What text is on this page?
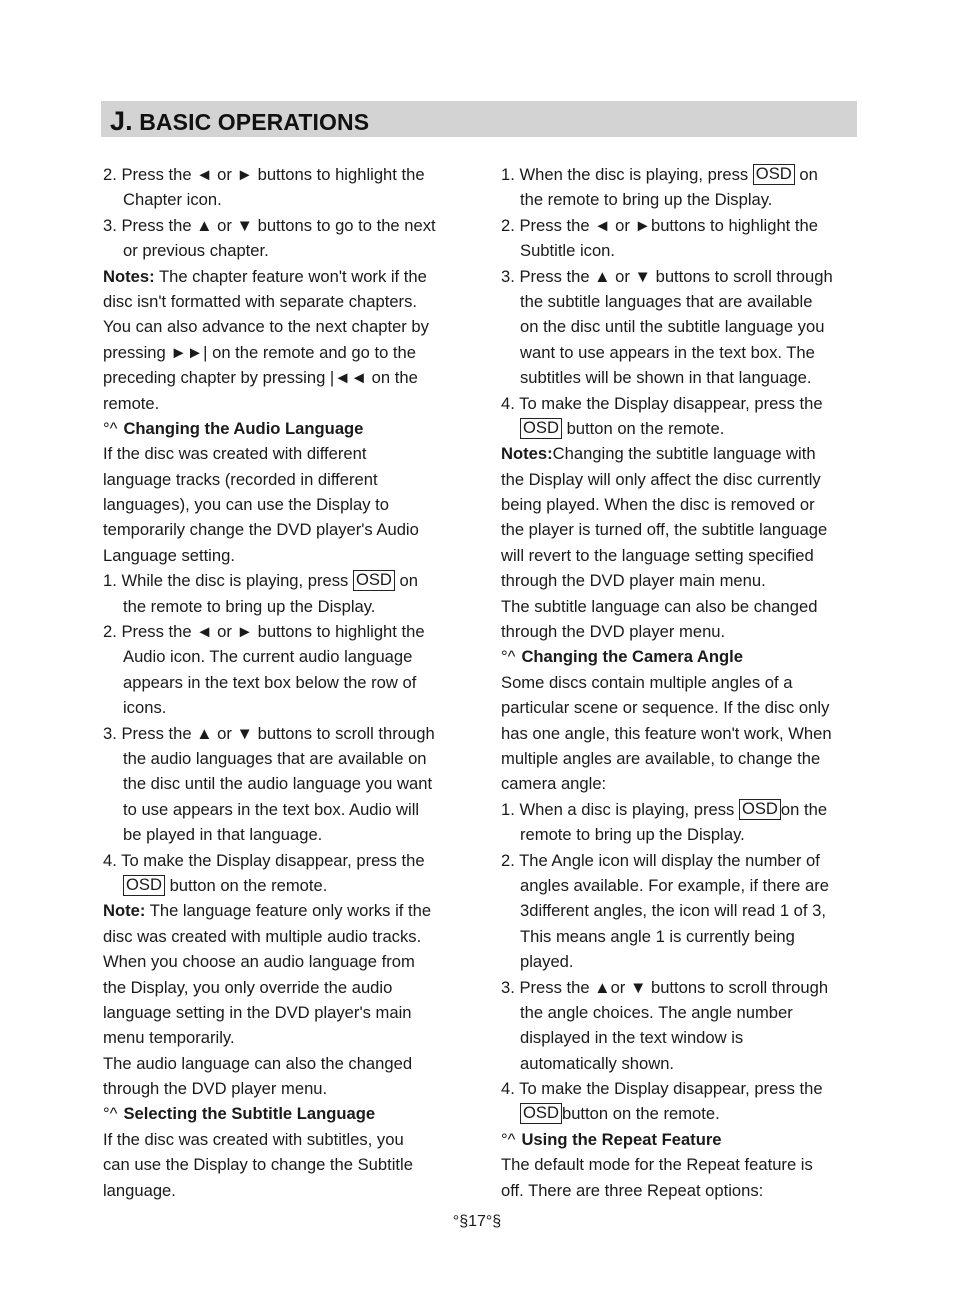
J. BASIC OPERATIONS
2. Press the ◄ or ► buttons to highlight the
Chapter icon.
3. Press the ▲ or ▼ buttons to go to the next
or previous chapter.
Notes: The chapter feature won't work if the
disc isn't formatted with separate chapters.
You can also advance to the next chapter by
pressing ►►| on the remote and go to the
preceding chapter by pressing |◄◄ on the
remote.
°^ Changing the Audio Language
If the disc was created with different
language tracks (recorded in different
languages), you can use the Display to
temporarily change the DVD player's Audio
Language setting.
1. While the disc is playing, press OSD on
the remote to bring up the Display.
2. Press the ◄ or ► buttons to highlight the
Audio icon. The current audio language
appears in the text box below the row of
icons.
3. Press the ▲ or ▼ buttons to scroll through
the audio languages that are available on
the disc until the audio language you want
to use appears in the text box. Audio will
be played in that language.
4. To make the Display disappear, press the
OSD button on the remote.
Note: The language feature only works if the
disc was created with multiple audio tracks.
When you choose an audio language from
the Display, you only override the audio
language setting in the DVD player's main
menu temporarily.
The audio language can also the changed
through the DVD player menu.
°^ Selecting the Subtitle Language
If the disc was created with subtitles, you
can use the Display to change the Subtitle
language.
1. When the disc is playing, press OSD on
the remote to bring up the Display.
2. Press the ◄ or ►buttons to highlight the
Subtitle icon.
3. Press the ▲ or ▼ buttons to scroll through
the subtitle languages that are available
on the disc until the subtitle language you
want to use appears in the text box. The
subtitles will be shown in that language.
4. To make the Display disappear, press the
OSD button on the remote.
Notes:Changing the subtitle language with
the Display will only affect the disc currently
being played. When the disc is removed or
the player is turned off, the subtitle language
will revert to the language setting specified
through the DVD player main menu.
The subtitle language can also be changed
through the DVD player menu.
°^ Changing the Camera Angle
Some discs contain multiple angles of a
particular scene or sequence. If the disc only
has one angle, this feature won't work, When
multiple angles are available, to change the
camera angle:
1. When a disc is playing, press OSD on the
remote to bring up the Display.
2. The Angle icon will display the number of
angles available. For example, if there are
3different angles, the icon will read 1 of 3,
This means angle 1 is currently being
played.
3. Press the ▲or ▼ buttons to scroll through
the angle choices. The angle number
displayed in the text window is
automatically shown.
4. To make the Display disappear, press the
OSD button on the remote.
°^ Using the Repeat Feature
The default mode for the Repeat feature is
off. There are three Repeat options:
°§17°§
